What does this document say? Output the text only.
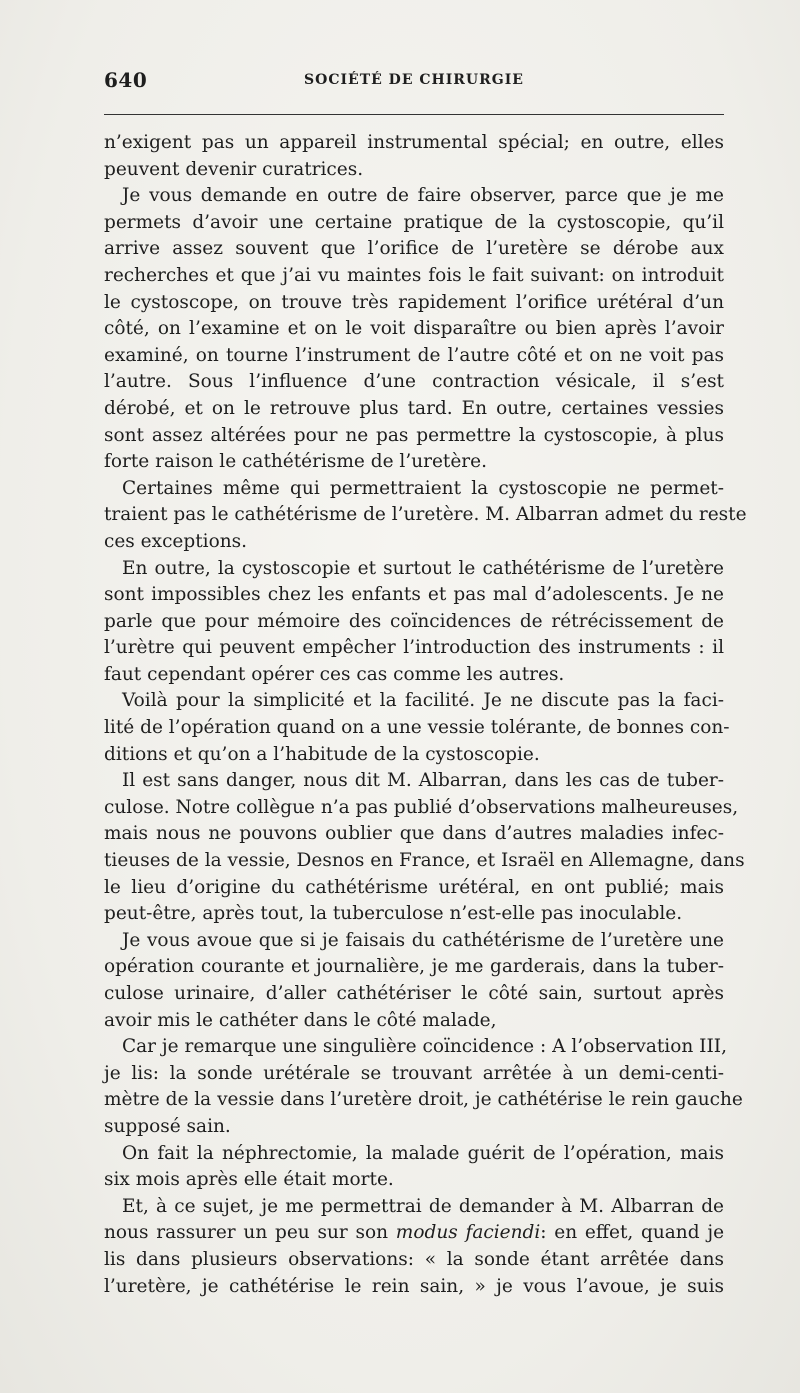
640	SOCIÉTÉ DE CHIRURGIE
n’exigent pas un appareil instrumental spécial; en outre, elles
peuvent devenir curatrices.
Je vous demande en outre de faire observer, parce que je me
permets d’avoir une certaine pratique de la cystoscopie, qu’il
arrive assez souvent que l’orifice de l’uretère se dérobe aux
recherches et que j’ai vu maintes fois le fait suivant: on introduit
le cystoscope, on trouve très rapidement l’orifice urétéral d’un
côté, on l’examine et on le voit disparaître ou bien après l’avoir
examiné, on tourne l’instrument de l’autre côté et on ne voit pas
l’autre. Sous l’influence d’une contraction vésicale, il s’est
dérobé, et on le retrouve plus tard. En outre, certaines vessies
sont assez altérées pour ne pas permettre la cystoscopie, à plus
forte raison le cathétérisme de l’uretère.
Certaines même qui permettraient la cystoscopie ne permet-
traient pas le cathétérisme de l’uretère. M. Albarran admet du reste
ces exceptions.
En outre, la cystoscopie et surtout le cathétérisme de l’uretère
sont impossibles chez les enfants et pas mal d’adolescents. Je ne
parle que pour mémoire des coïncidences de rétrécissement de
l’urètre qui peuvent empêcher l’introduction des instruments : il
faut cependant opérer ces cas comme les autres.
Voilà pour la simplicité et la facilité. Je ne discute pas la faci-
lité de l’opération quand on a une vessie tolérante, de bonnes con-
ditions et qu’on a l’habitude de la cystoscopie.
Il est sans danger, nous dit M. Albarran, dans les cas de tuber-
culose. Notre collègue n’a pas publié d’observations malheureuses,
mais nous ne pouvons oublier que dans d’autres maladies infec-
tieuses de la vessie, Desnos en France, et Israël en Allemagne, dans
le lieu d’origine du cathétérisme urétéral, en ont publié; mais
peut-être, après tout, la tuberculose n’est-elle pas inoculable.
Je vous avoue que si je faisais du cathétérisme de l’uretère une
opération courante et journalière, je me garderais, dans la tuber-
culose urinaire, d’aller cathétériser le côté sain, surtout après
avoir mis le cathéter dans le côté malade,
Car je remarque une singulière coïncidence : A l’observation III,
je lis: la sonde urétérale se trouvant arrêtée à un demi-centi-
mètre de la vessie dans l’uretère droit, je cathétérise le rein gauche
supposé sain.
On fait la néphrectomie, la malade guérit de l’opération, mais
six mois après elle était morte.
Et, à ce sujet, je me permettrai de demander à M. Albarran de
nous rassurer un peu sur son modus faciendi: en effet, quand je
lis dans plusieurs observations: « la sonde étant arrêtée dans
l’uretère, je cathétérise le rein sain, » je vous l’avoue, je suis
